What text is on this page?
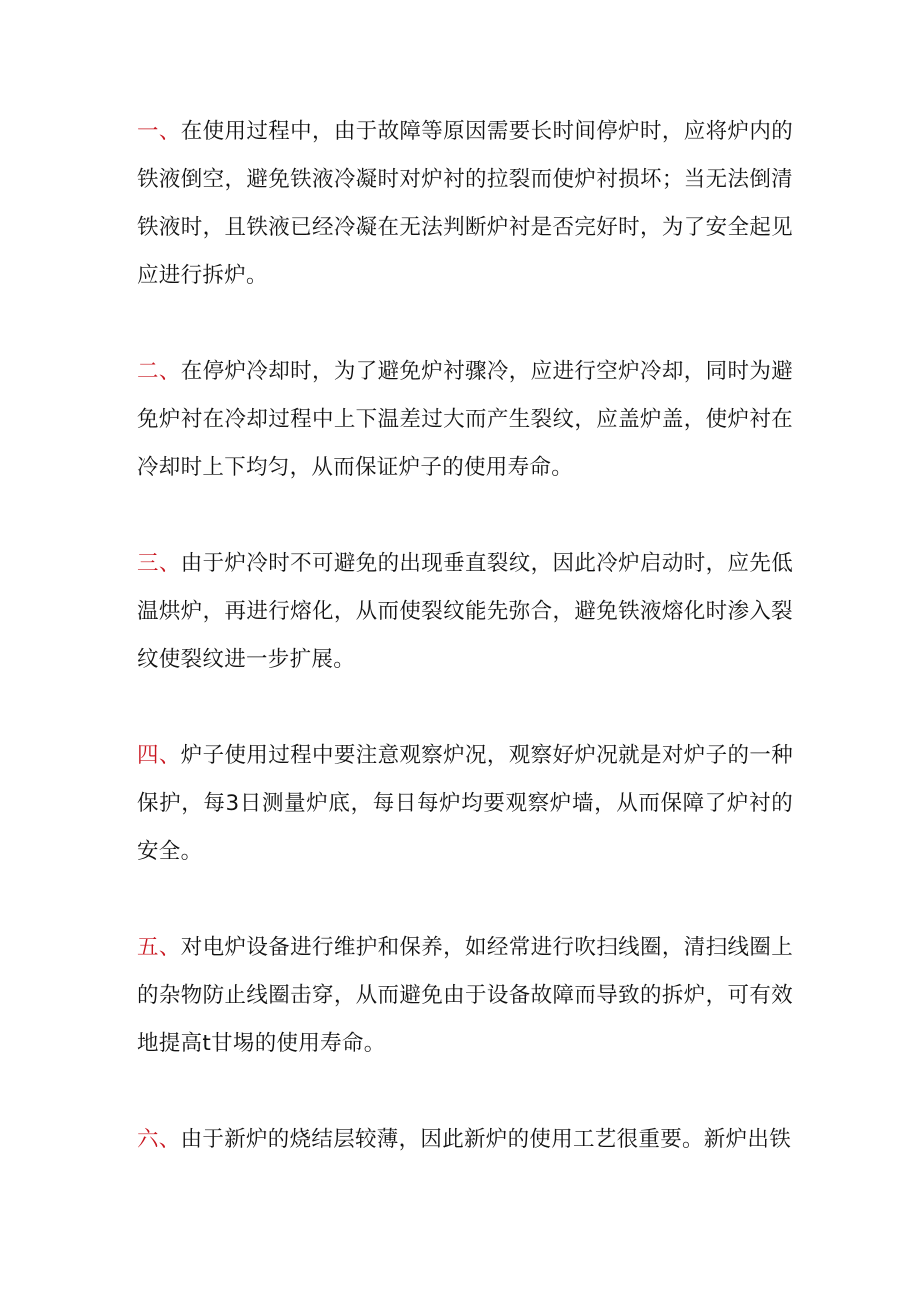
一、在使用过程中，由于故障等原因需要长时间停炉时，应将炉内的铁液倒空，避免铁液冷凝时对炉衬的拉裂而使炉衬损坏；当无法倒清铁液时，且铁液已经冷凝在无法判断炉衬是否完好时，为了安全起见应进行拆炉。

二、在停炉冷却时，为了避免炉衬骤冷，应进行空炉冷却，同时为避免炉衬在冷却过程中上下温差过大而产生裂纹，应盖炉盖，使炉衬在冷却时上下均匀，从而保证炉子的使用寿命。

三、由于炉冷时不可避免的出现垂直裂纹，因此冷炉启动时，应先低温烘炉，再进行熔化，从而使裂纹能先弥合，避免铁液熔化时渗入裂纹使裂纹进一步扩展。

四、炉子使用过程中要注意观察炉况，观察好炉况就是对炉子的一种保护，每3日测量炉底，每日每炉均要观察炉墙，从而保障了炉衬的安全。

五、对电炉设备进行维护和保养，如经常进行吹扫线圈，清扫线圈上的杂物防止线圈击穿，从而避免由于设备故障而导致的拆炉，可有效地提高t甘埸的使用寿命。

六、由于新炉的烧结层较薄，因此新炉的使用工艺很重要。新炉出铁
